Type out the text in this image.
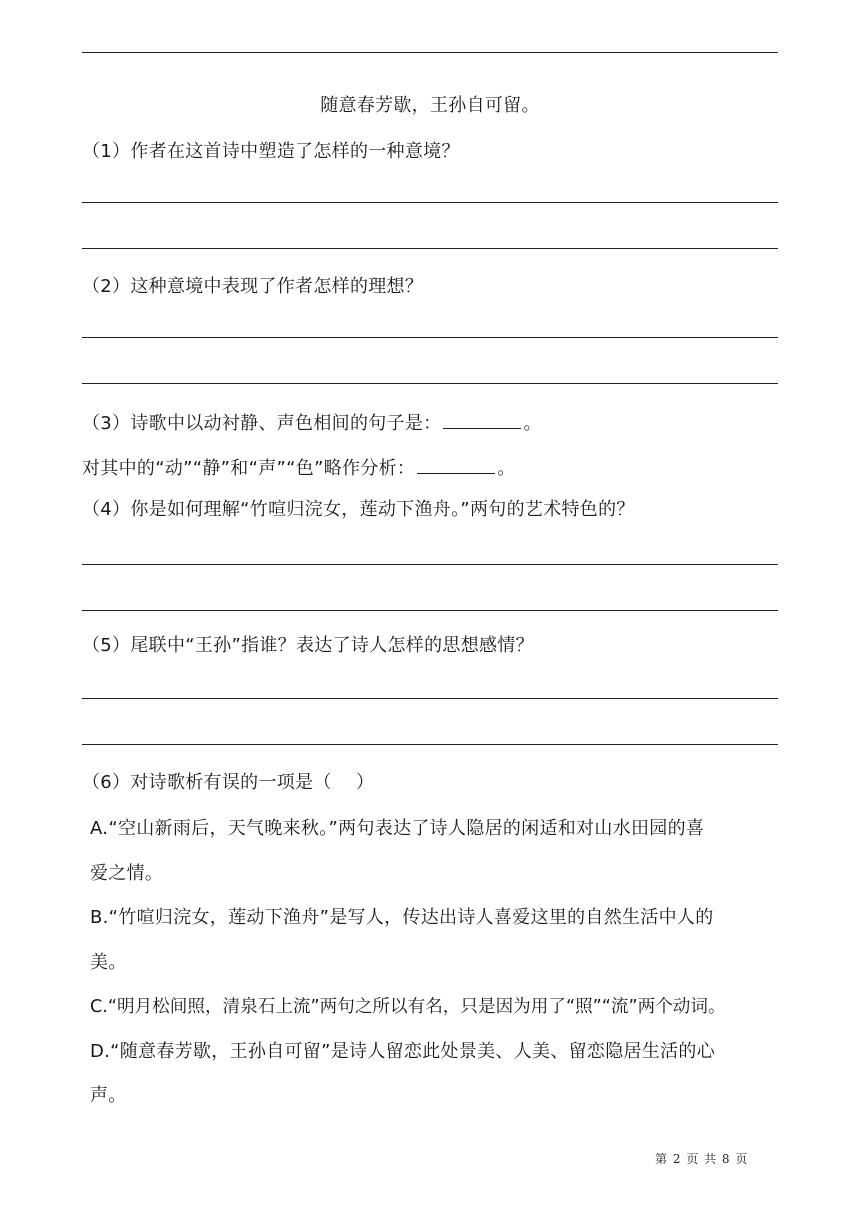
随意春芳歇，王孙自可留。
（1）作者在这首诗中塑造了怎样的一种意境？
（2）这种意境中表现了作者怎样的理想？
（3）诗歌中以动衬静、声色相间的句子是：	。
对其中的“动”“静”和“声”“色”略作分析：	。
（4）你是如何理解“竹喧归浣女，莲动下渔舟。”两句的艺术特色的？
（5）尾联中“王孙”指谁？表达了诗人怎样的思想感情？
（6）对诗歌析有误的一项是（　 ）
A.“空山新雨后，天气晚来秋。”两句表达了诗人隐居的闲适和对山水田园的喜
爱之情。
B.“竹喧归浣女，莲动下渔舟”是写人，传达出诗人喜爱这里的自然生活中人的
美。
C.“明月松间照，清泉石上流”两句之所以有名，只是因为用了“照”“流”两个动词。
D.“随意春芳歇，王孙自可留”是诗人留恋此处景美、人美、留恋隐居生活的心
声。
第 2 页 共 8 页
